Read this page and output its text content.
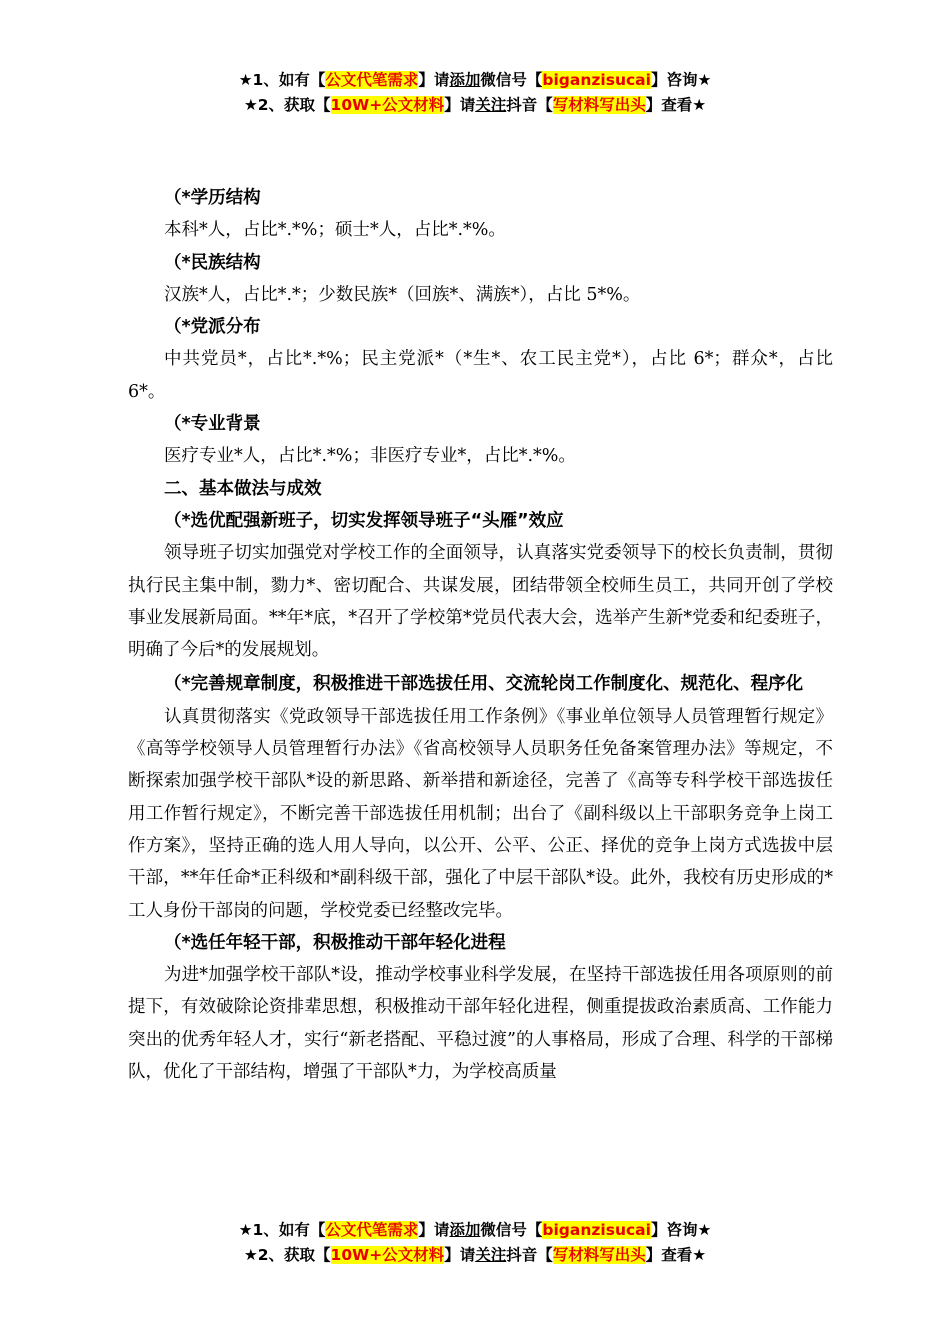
★1、如有【公文代笔需求】请添加微信号【biganzisucai】咨询★
★2、获取【10W+公文材料】请关注抖音【写材料写出头】查看★

（*学历结构

本科*人，占比*.*%；硕士*人，占比*.*%。

（*民族结构

汉族*人，占比*.*；少数民族*（回族*、满族*），占比 5*%。

（*党派分布

中共党员*，占比*.*%；民主党派*（*生*、农工民主党*），占比 6*；群众*，占比 6*。

（*专业背景

医疗专业*人，占比*.*%；非医疗专业*，占比*.*%。

二、基本做法与成效

（*选优配强新班子，切实发挥领导班子“头雁”效应

领导班子切实加强党对学校工作的全面领导，认真落实党委领导下的校长负责制，贯彻执行民主集中制，勠力*、密切配合、共谋发展，团结带领全校师生员工，共同开创了学校事业发展新局面。**年*底，*召开了学校第*党员代表大会，选举产生新*党委和纪委班子，明确了今后*的发展规划。

（*完善规章制度，积极推进干部选拔任用、交流轮岗工作制度化、规范化、程序化

认真贯彻落实《党政领导干部选拔任用工作条例》《事业单位领导人员管理暂行规定》《高等学校领导人员管理暂行办法》《省高校领导人员职务任免备案管理办法》等规定，不断探索加强学校干部队*设的新思路、新举措和新途径，完善了《高等专科学校干部选拔任用工作暂行规定》，不断完善干部选拔任用机制；出台了《副科级以上干部职务竞争上岗工作方案》，坚持正确的选人用人导向，以公开、公平、公正、择优的竞争上岗方式选拔中层干部，**年任命*正科级和*副科级干部，强化了中层干部队*设。此外，我校有历史形成的*工人身份干部岗的问题，学校党委已经整改完毕。

（*选任年轻干部，积极推动干部年轻化进程

为进*加强学校干部队*设，推动学校事业科学发展，在坚持干部选拔任用各项原则的前提下，有效破除论资排辈思想，积极推动干部年轻化进程，侧重提拔政治素质高、工作能力突出的优秀年轻人才，实行“新老搭配、平稳过渡”的人事格局，形成了合理、科学的干部梯队，优化了干部结构，增强了干部队*力，为学校高质量

★1、如有【公文代笔需求】请添加微信号【biganzisucai】咨询★
★2、获取【10W+公文材料】请关注抖音【写材料写出头】查看★
